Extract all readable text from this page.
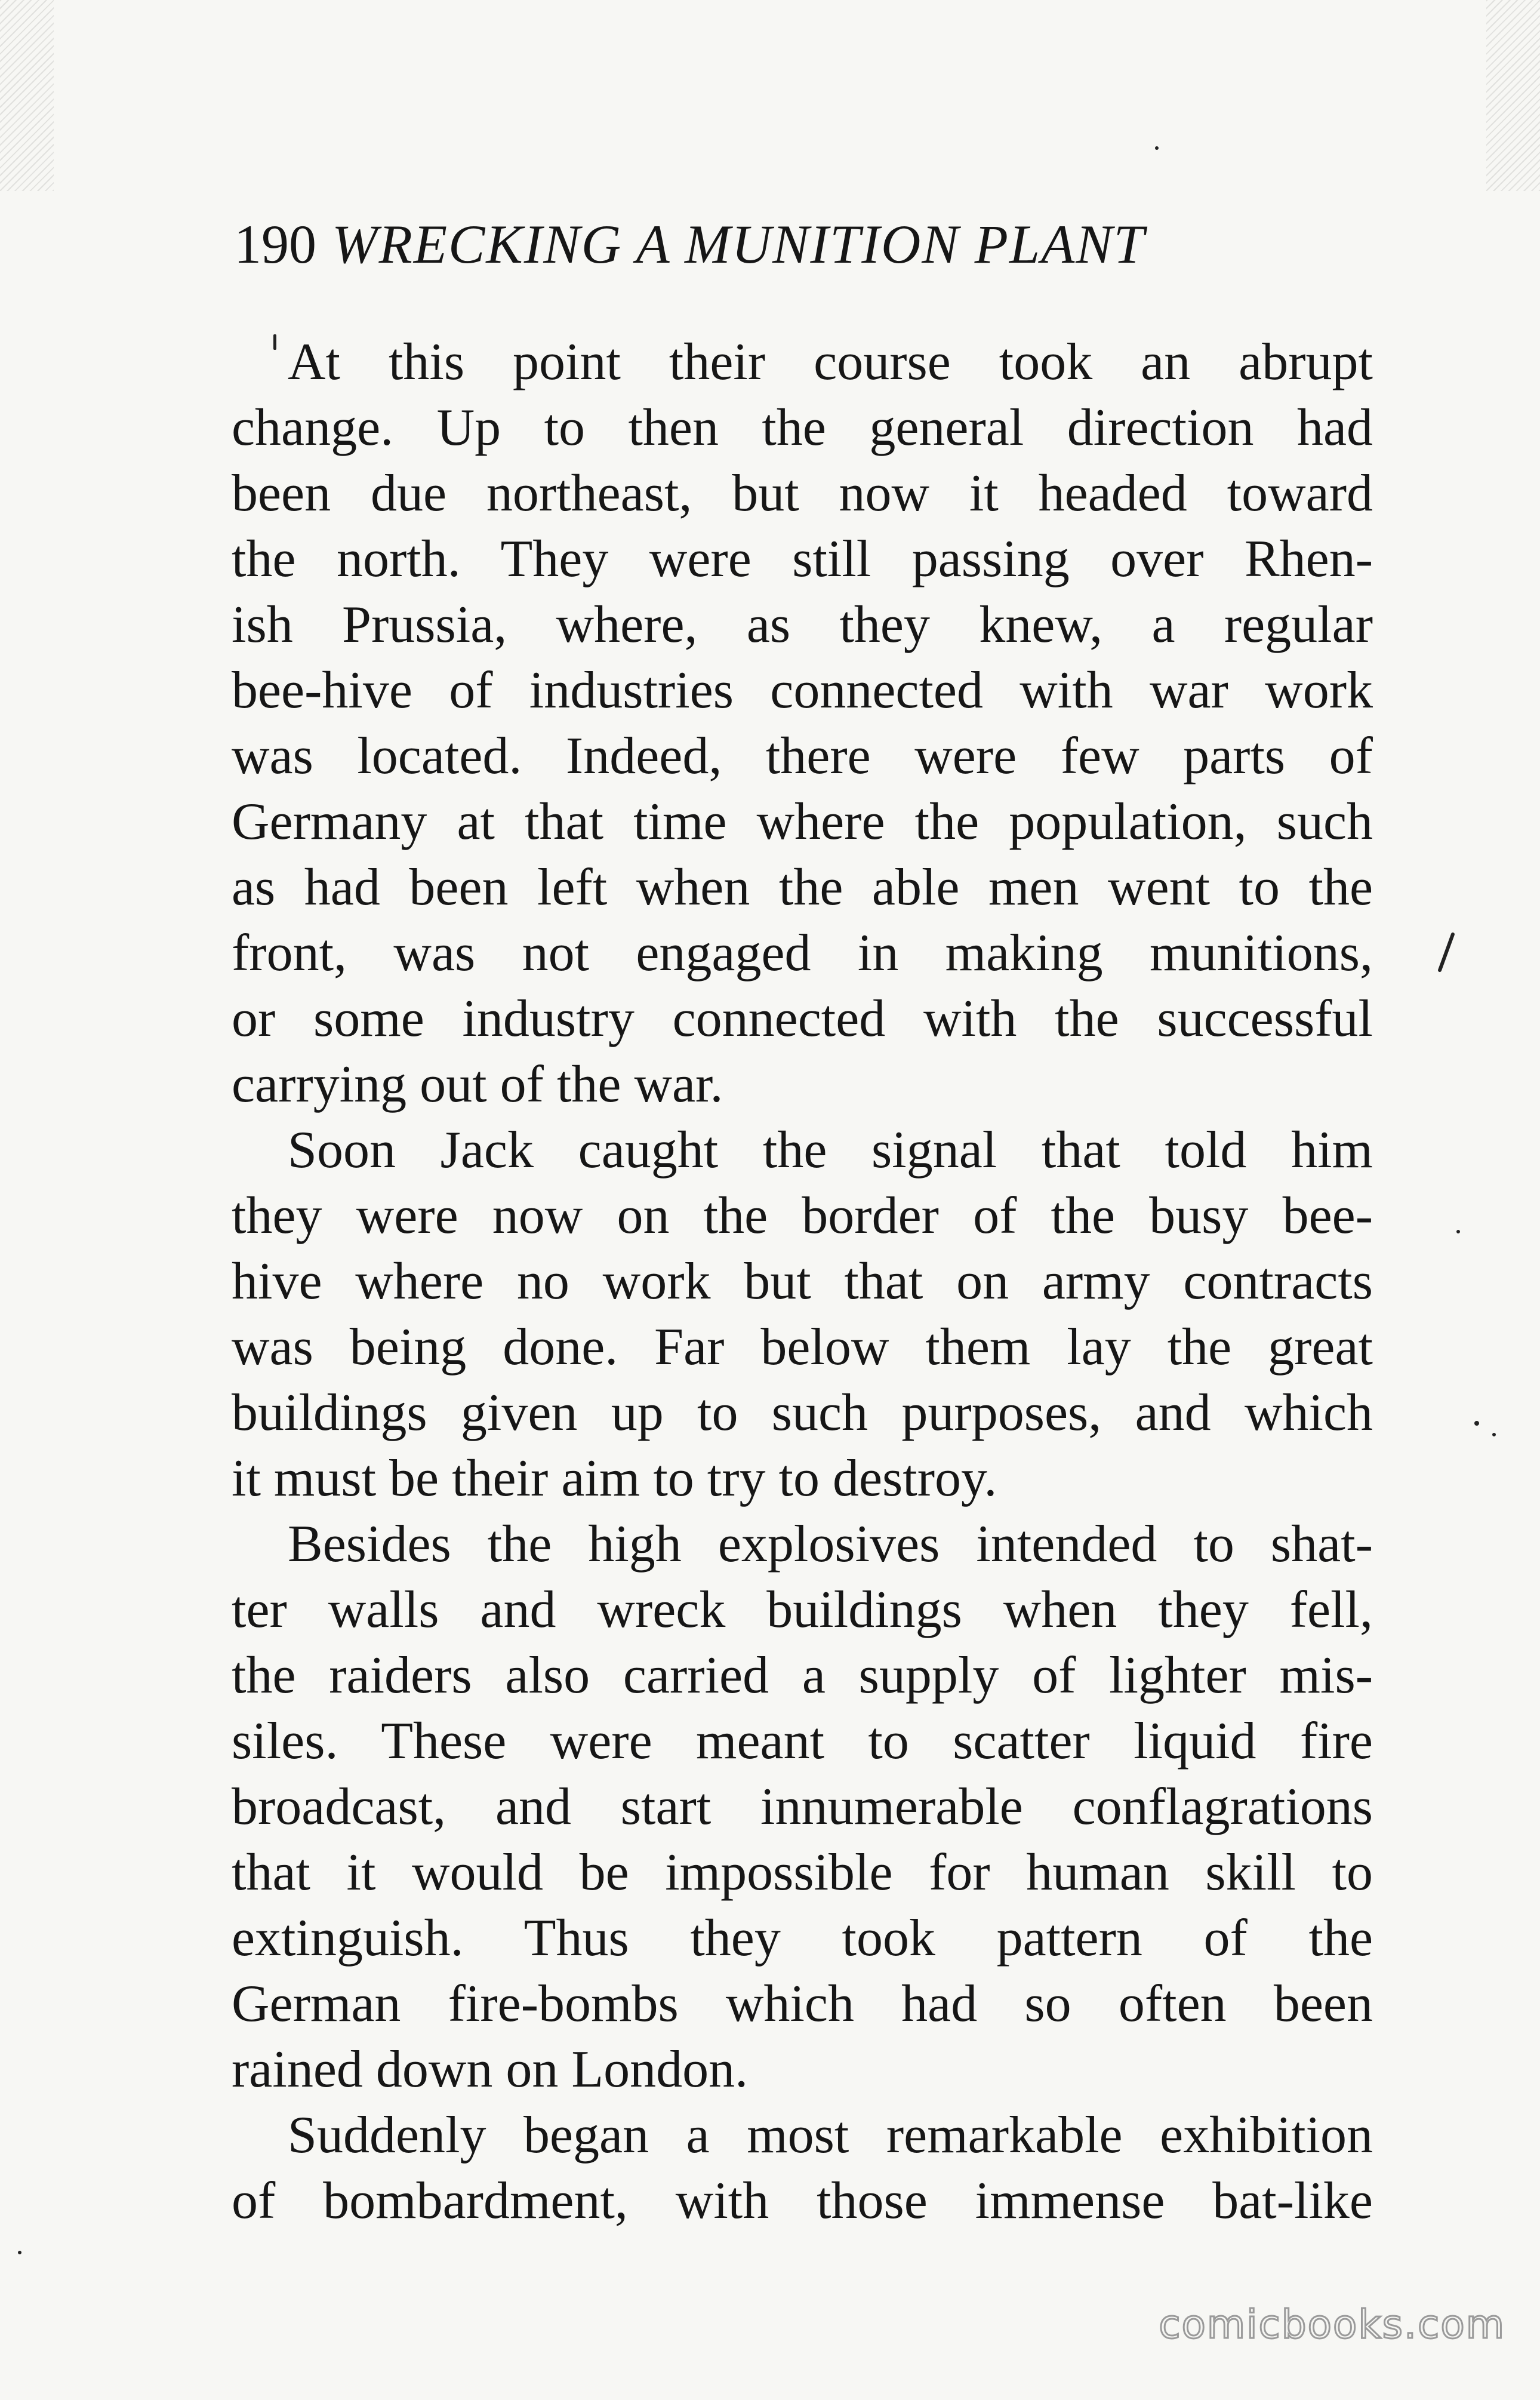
190 WRECKING A MUNITION PLANT
At this point their course took an abrupt
change. Up to then the general direction had
been due northeast, but now it headed toward
the north. They were still passing over Rhen-
ish Prussia, where, as they knew, a regular
bee-hive of industries connected with war work
was located. Indeed, there were few parts of
Germany at that time where the population, such
as had been left when the able men went to the
front, was not engaged in making munitions,
or some industry connected with the successful
carrying out of the war.
Soon Jack caught the signal that told him
they were now on the border of the busy bee-
hive where no work but that on army contracts
was being done. Far below them lay the great
buildings given up to such purposes, and which
it must be their aim to try to destroy.
Besides the high explosives intended to shat-
ter walls and wreck buildings when they fell,
the raiders also carried a supply of lighter mis-
siles. These were meant to scatter liquid fire
broadcast, and start innumerable conflagrations
that it would be impossible for human skill to
extinguish. Thus they took pattern of the
German fire-bombs which had so often been
rained down on London.
Suddenly began a most remarkable exhibition
of bombardment, with those immense bat-like
comicbooks.com
